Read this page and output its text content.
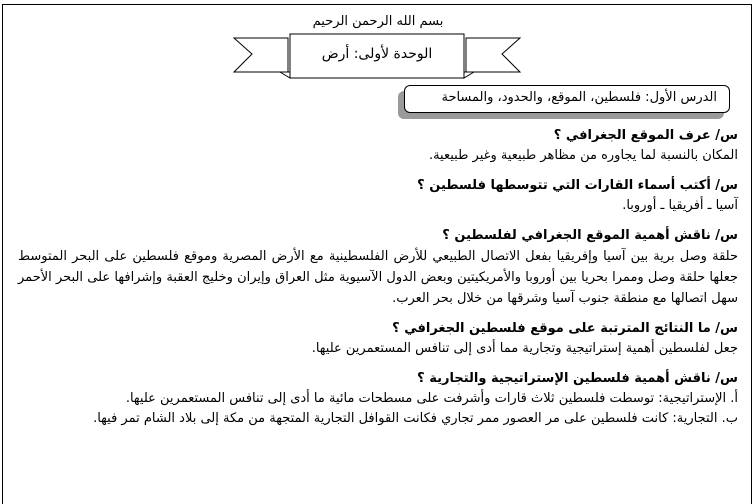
بسم الله الرحمن الرحيم
الوحدة لأولى: أرض
الدرس الأول: فلسطين، الموقع، والحدود، والمساحة

س/ عرف الموقع الجغرافي ؟

المكان بالنسبة لما يجاوره من مظاهر طبيعية وغير طبيعية.

س/ أكتب أسماء القارات التي تتوسطها فلسطين ؟

آسيا ـ أفريقيا ـ أوروبا.

س/ ناقش أهمية الموقع الجغرافي لفلسطين ؟

حلقة وصل برية بين آسيا وإفريقيا بفعل الاتصال الطبيعي للأرض الفلسطينية مع الأرض المصرية وموقع فلسطين على البحر المتوسط جعلها حلقة وصل وممرا بحريا بين أوروبا والأمريكيتين وبعض الدول الآسيوية مثل العراق وإيران وخليج العقبة وإشرافها على البحر الأحمر سهل اتصالها مع منطقة جنوب آسيا وشرقها من خلال بحر العرب.

س/ ما النتائج المترتبة على موقع فلسطين الجغرافي ؟

جعل لفلسطين أهمية إستراتيجية وتجارية مما أدى إلى تنافس المستعمرين عليها.

س/ ناقش أهمية فلسطين الإستراتيجية والتجارية ؟

أ. الإستراتيجية: توسطت فلسطين ثلاث قارات وأشرفت على مسطحات مائية ما أدى إلى تنافس المستعمرين عليها.

ب. التجارية: كانت فلسطين على مر العصور ممر تجاري فكانت القوافل التجارية المتجهة من مكة إلى بلاد الشام تمر فيها.
